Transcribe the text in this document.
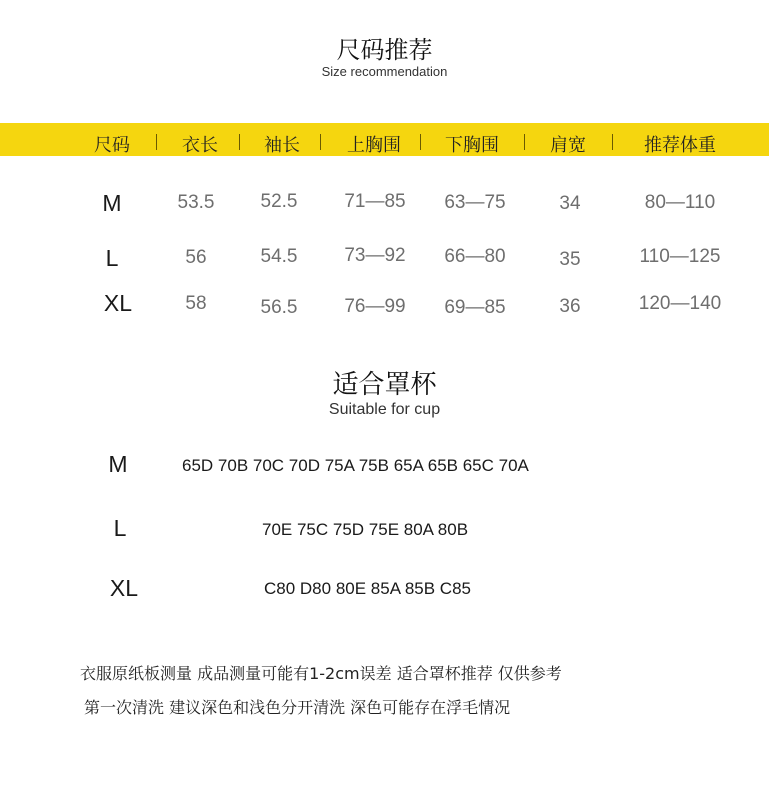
尺码推荐
Size recommendation
尺码	衣长	袖长	上胸围	下胸围	肩宽	推荐体重
M	53.5	52.5	71—85	63—75	34	80—110
L	56	54.5	73—92	66—80	35	110—125
XL	58	56.5	76—99	69—85	36	120—140
适合罩杯
Suitable for cup
M	65D 70B 70C 70D 75A 75B 65A 65B 65C 70A
L	70E 75C 75D 75E 80A 80B
XL	C80 D80 80E 85A 85B C85
衣服原纸板测量 成品测量可能有1-2cm误差 适合罩杯推荐 仅供参考
第一次清洗 建议深色和浅色分开清洗 深色可能存在浮毛情况
